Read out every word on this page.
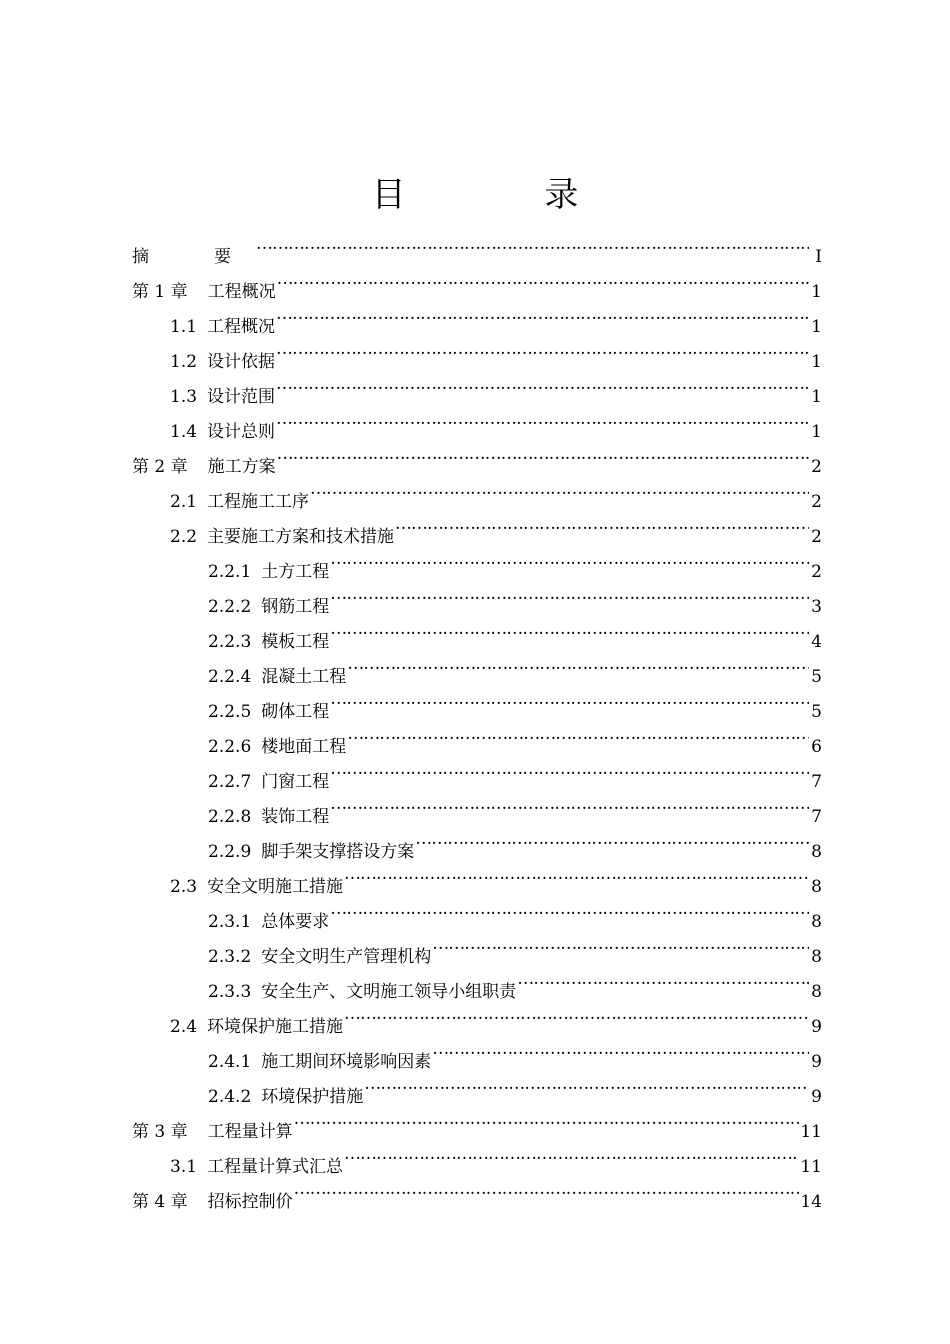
目 录
摘　要 ………………………………………………………………………………………………………………………………………………………………………………………………………………	I
第 1 章 工程概况 ………………………………………………………………………………………………………………………………………………………………………………………………………………	1
1.1 工程概况 ………………………………………………………………………………………………………………………………………………………………………………………………………………	1
1.2 设计依据 ………………………………………………………………………………………………………………………………………………………………………………………………………………	1
1.3 设计范围 ………………………………………………………………………………………………………………………………………………………………………………………………………………	1
1.4 设计总则 ………………………………………………………………………………………………………………………………………………………………………………………………………………	1
第 2 章 施工方案 ………………………………………………………………………………………………………………………………………………………………………………………………………………	2
2.1 工程施工工序 ………………………………………………………………………………………………………………………………………………………………………………………………………………	2
2.2 主要施工方案和技术措施 ………………………………………………………………………………………………………………………………………………………………………………………………………………	2
2.2.1 土方工程 ………………………………………………………………………………………………………………………………………………………………………………………………………………	2
2.2.2 钢筋工程 ………………………………………………………………………………………………………………………………………………………………………………………………………………	3
2.2.3 模板工程 ………………………………………………………………………………………………………………………………………………………………………………………………………………	4
2.2.4 混凝土工程 ………………………………………………………………………………………………………………………………………………………………………………………………………………	5
2.2.5 砌体工程 ………………………………………………………………………………………………………………………………………………………………………………………………………………	5
2.2.6 楼地面工程 ………………………………………………………………………………………………………………………………………………………………………………………………………………	6
2.2.7 门窗工程 ………………………………………………………………………………………………………………………………………………………………………………………………………………	7
2.2.8 装饰工程 ………………………………………………………………………………………………………………………………………………………………………………………………………………	7
2.2.9 脚手架支撑搭设方案 ………………………………………………………………………………………………………………………………………………………………………………………………………………	8
2.3 安全文明施工措施 ………………………………………………………………………………………………………………………………………………………………………………………………………………	8
2.3.1 总体要求 ………………………………………………………………………………………………………………………………………………………………………………………………………………	8
2.3.2 安全文明生产管理机构 ………………………………………………………………………………………………………………………………………………………………………………………………………………	8
2.3.3 安全生产、文明施工领导小组职责 ………………………………………………………………………………………………………………………………………………………………………………………………………………	8
2.4 环境保护施工措施 ………………………………………………………………………………………………………………………………………………………………………………………………………………	9
2.4.1 施工期间环境影响因素 ………………………………………………………………………………………………………………………………………………………………………………………………………………	9
2.4.2 环境保护措施 ………………………………………………………………………………………………………………………………………………………………………………………………………………	9
第 3 章 工程量计算 ………………………………………………………………………………………………………………………………………………………………………………………………………………	11
3.1 工程量计算式汇总 ………………………………………………………………………………………………………………………………………………………………………………………………………………	11
第 4 章 招标控制价 ………………………………………………………………………………………………………………………………………………………………………………………………………………	14
